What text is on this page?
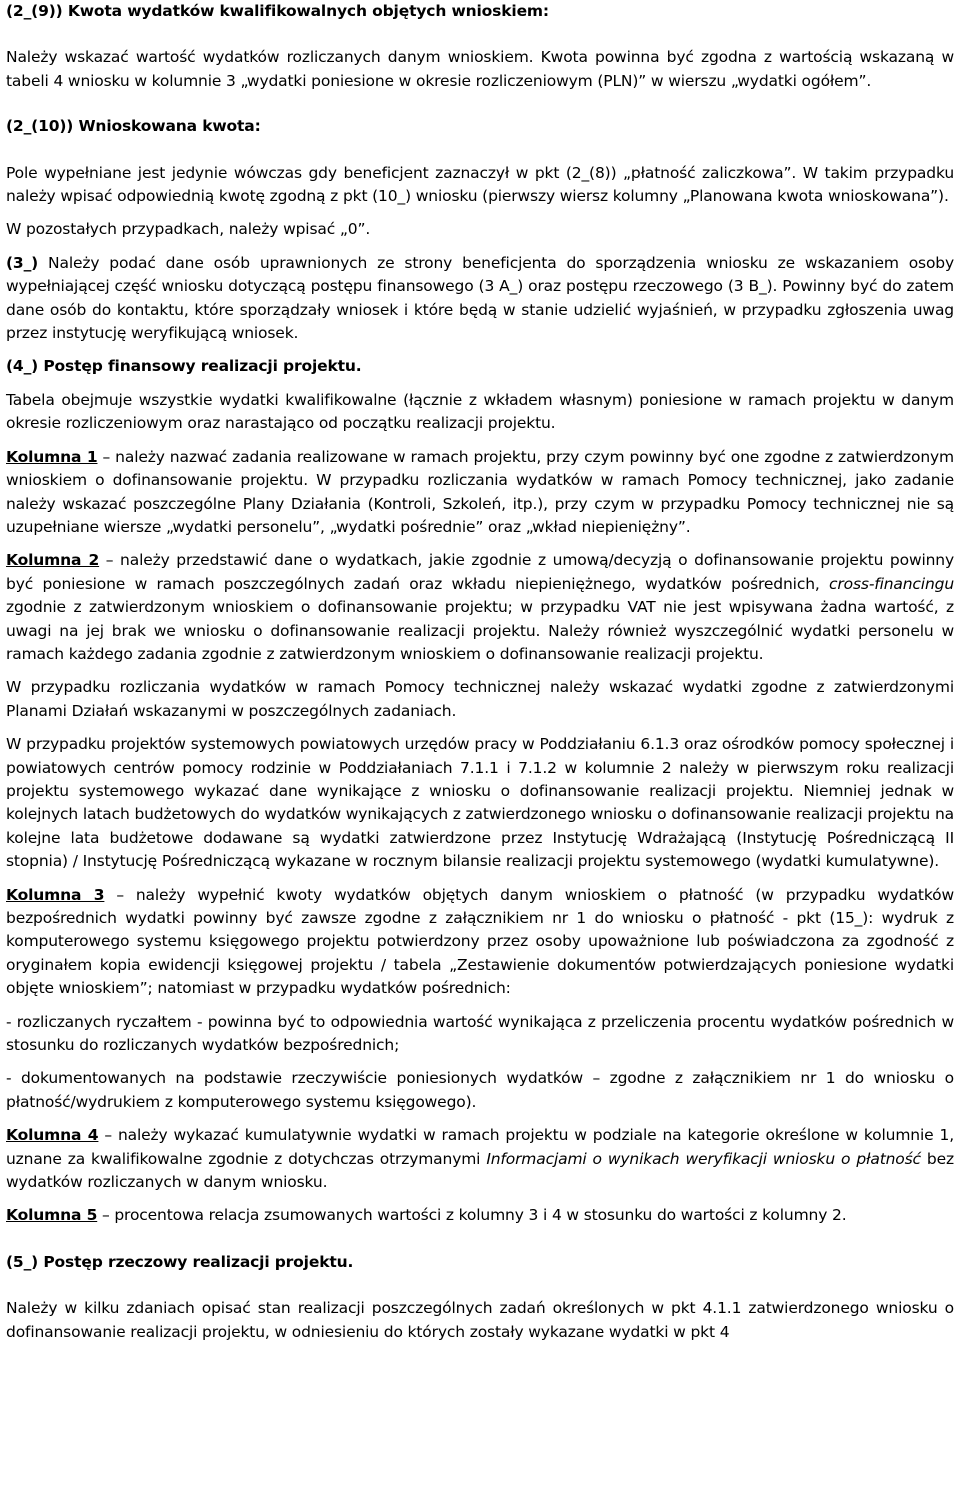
(2_(9)) Kwota wydatków kwalifikowalnych objętych wnioskiem:

Należy wskazać wartość wydatków rozliczanych danym wnioskiem. Kwota powinna być zgodna z wartością wskazaną w tabeli 4 wniosku w kolumnie 3 „wydatki poniesione w okresie rozliczeniowym (PLN)” w wierszu „wydatki ogółem”.

(2_(10)) Wnioskowana kwota:

Pole wypełniane jest jedynie wówczas gdy beneficjent zaznaczył w pkt (2_(8)) „płatność zaliczkowa”. W takim przypadku należy wpisać odpowiednią kwotę zgodną z pkt (10_) wniosku (pierwszy wiersz kolumny „Planowana kwota wnioskowana”).

W pozostałych przypadkach, należy wpisać „0”.

(3_) Należy podać dane osób uprawnionych ze strony beneficjenta do sporządzenia wniosku ze wskazaniem osoby wypełniającej część wniosku dotyczącą postępu finansowego (3 A_) oraz postępu rzeczowego (3 B_). Powinny być do zatem dane osób do kontaktu, które sporządzały wniosek i które będą w stanie udzielić wyjaśnień, w przypadku zgłoszenia uwag przez instytucję weryfikującą wniosek.

(4_) Postęp finansowy realizacji projektu.

Tabela obejmuje wszystkie wydatki kwalifikowalne (łącznie z wkładem własnym) poniesione w ramach projektu w danym okresie rozliczeniowym oraz narastająco od początku realizacji projektu.

Kolumna 1 – należy nazwać zadania realizowane w ramach projektu, przy czym powinny być one zgodne z zatwierdzonym wnioskiem o dofinansowanie projektu. W przypadku rozliczania wydatków w ramach Pomocy technicznej, jako zadanie należy wskazać poszczególne Plany Działania (Kontroli, Szkoleń, itp.), przy czym w przypadku Pomocy technicznej nie są uzupełniane wiersze „wydatki personelu”, „wydatki pośrednie” oraz „wkład niepieniężny”.

Kolumna 2 – należy przedstawić dane o wydatkach, jakie zgodnie z umową/decyzją o dofinansowanie projektu powinny być poniesione w ramach poszczególnych zadań oraz wkładu niepieniężnego, wydatków pośrednich, cross-financingu zgodnie z zatwierdzonym wnioskiem o dofinansowanie projektu; w przypadku VAT nie jest wpisywana żadna wartość, z uwagi na jej brak we wniosku o dofinansowanie realizacji projektu. Należy również wyszczególnić wydatki personelu w ramach każdego zadania zgodnie z zatwierdzonym wnioskiem o dofinansowanie realizacji projektu.

W przypadku rozliczania wydatków w ramach Pomocy technicznej należy wskazać wydatki zgodne z zatwierdzonymi Planami Działań wskazanymi w poszczególnych zadaniach.

W przypadku projektów systemowych powiatowych urzędów pracy w Poddziałaniu 6.1.3 oraz ośrodków pomocy społecznej i powiatowych centrów pomocy rodzinie w Poddziałaniach 7.1.1 i 7.1.2 w kolumnie 2 należy w pierwszym roku realizacji projektu systemowego wykazać dane wynikające z wniosku o dofinansowanie realizacji projektu. Niemniej jednak w kolejnych latach budżetowych do wydatków wynikających z zatwierdzonego wniosku o dofinansowanie realizacji projektu na kolejne lata budżetowe dodawane są wydatki zatwierdzone przez Instytucję Wdrażającą (Instytucję Pośredniczącą II stopnia) / Instytucję Pośredniczącą wykazane w rocznym bilansie realizacji projektu systemowego (wydatki kumulatywne).

Kolumna 3 – należy wypełnić kwoty wydatków objętych danym wnioskiem o płatność (w przypadku wydatków bezpośrednich wydatki powinny być zawsze zgodne z załącznikiem nr 1 do wniosku o płatność - pkt (15_): wydruk z komputerowego systemu księgowego projektu potwierdzony przez osoby upoważnione lub poświadczona za zgodność z oryginałem kopia ewidencji księgowej projektu / tabela „Zestawienie dokumentów potwierdzających poniesione wydatki objęte wnioskiem”; natomiast w przypadku wydatków pośrednich:

- rozliczanych ryczałtem - powinna być to odpowiednia wartość wynikająca z przeliczenia procentu wydatków pośrednich w stosunku do rozliczanych wydatków bezpośrednich;

- dokumentowanych na podstawie rzeczywiście poniesionych wydatków – zgodne z załącznikiem nr 1 do wniosku o płatność/wydrukiem z komputerowego systemu księgowego).

Kolumna 4 – należy wykazać kumulatywnie wydatki w ramach projektu w podziale na kategorie określone w kolumnie 1, uznane za kwalifikowalne zgodnie z dotychczas otrzymanymi Informacjami o wynikach weryfikacji wniosku o płatność bez wydatków rozliczanych w danym wniosku.

Kolumna 5 – procentowa relacja zsumowanych wartości z kolumny 3 i 4 w stosunku do wartości z kolumny 2.

(5_) Postęp rzeczowy realizacji projektu.

Należy w kilku zdaniach opisać stan realizacji poszczególnych zadań określonych w pkt 4.1.1 zatwierdzonego wniosku o dofinansowanie realizacji projektu, w odniesieniu do których zostały wykazane wydatki w pkt 4
